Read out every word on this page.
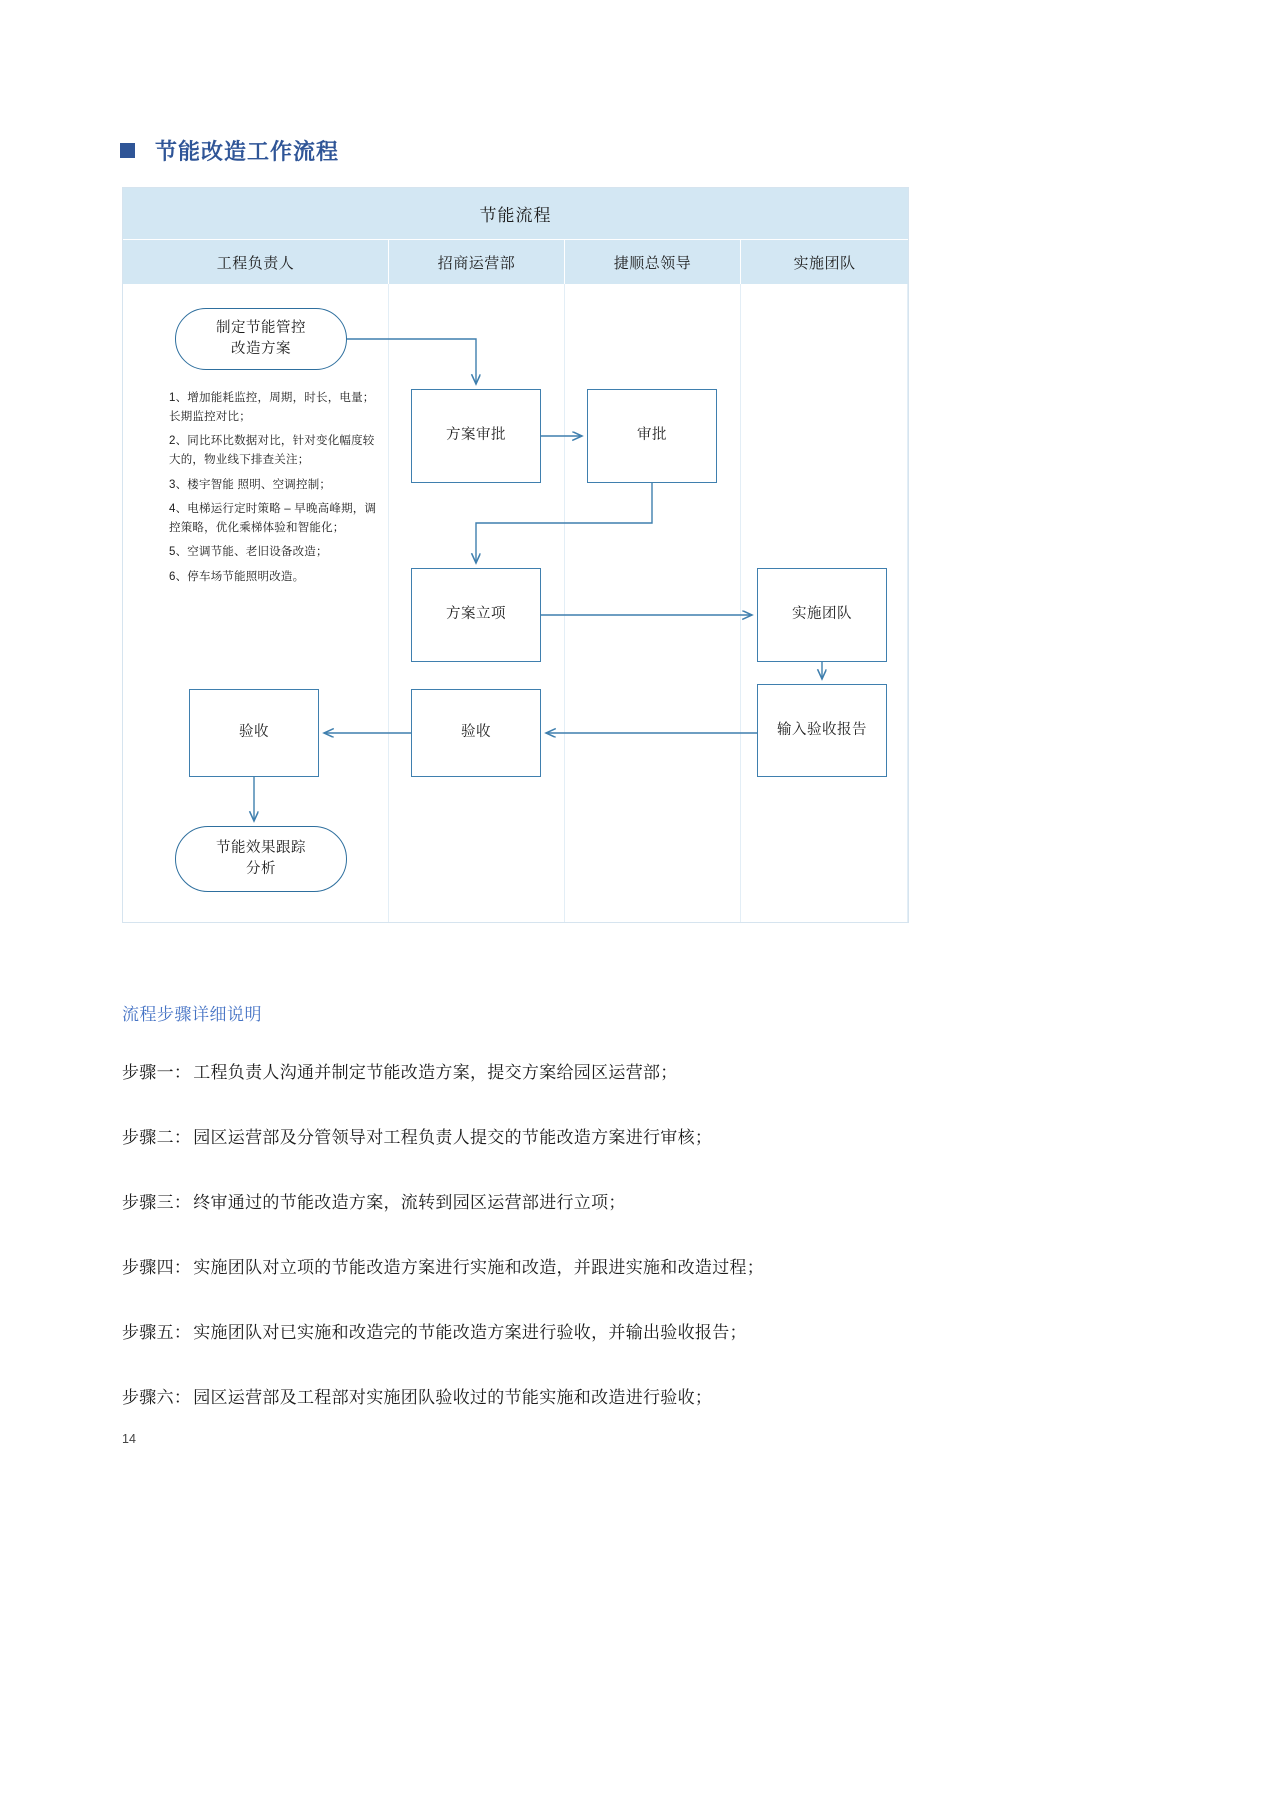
节能改造工作流程
节能流程
工程负责人	招商运营部	捷顺总领导	实施团队
制定节能管控
改造方案
方案审批	审批
方案立项	实施团队
验收
验收	输入验收报告
节能效果跟踪
分析

1、增加能耗监控，周期，时长，电量；长期监控对比；

2、同比环比数据对比，针对变化幅度较大的，物业线下排查关注；

3、楼宇智能 照明、空调控制；

4、电梯运行定时策略 – 早晚高峰期，调控策略，优化乘梯体验和智能化；

5、空调节能、老旧设备改造；

6、停车场节能照明改造。

流程步骤详细说明
步骤一： 工程负责人沟通并制定节能改造方案，提交方案给园区运营部；
步骤二： 园区运营部及分管领导对工程负责人提交的节能改造方案进行审核；
步骤三： 终审通过的节能改造方案，流转到园区运营部进行立项；
步骤四： 实施团队对立项的节能改造方案进行实施和改造，并跟进实施和改造过程；
步骤五： 实施团队对已实施和改造完的节能改造方案进行验收，并输出验收报告；
步骤六： 园区运营部及工程部对实施团队验收过的节能实施和改造进行验收；
14
